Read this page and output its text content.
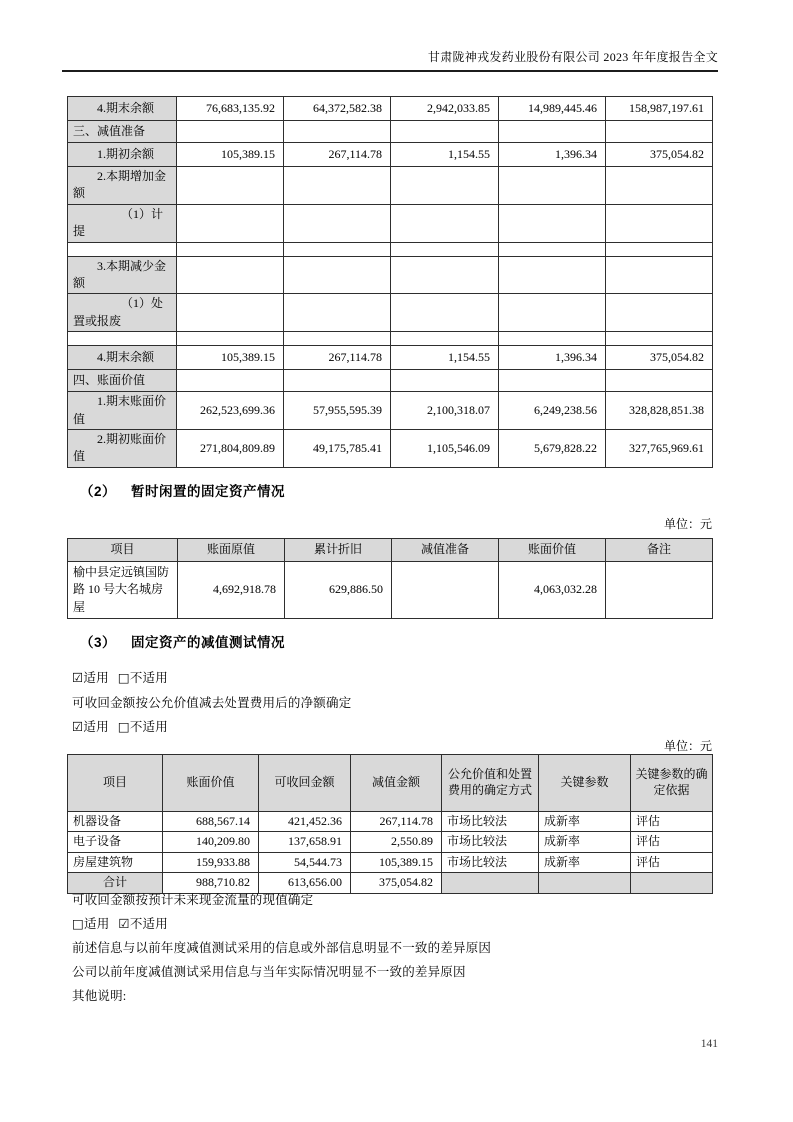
甘肃陇神戎发药业股份有限公司 2023 年年度报告全文
4.期末余额	76,683,135.92	64,372,582.38	2,942,033.85	14,989,445.46	158,987,197.61
三、减值准备					
1.期初余额	105,389.15	267,114.78	1,154.55	1,396.34	375,054.82
2.本期增加金额					
（1）计提					

3.本期减少金额					
（1）处置或报废					

4.期末余额	105,389.15	267,114.78	1,154.55	1,396.34	375,054.82
四、账面价值					
1.期末账面价值	262,523,699.36	57,955,595.39	2,100,318.07	6,249,238.56	328,828,851.38
2.期初账面价值	271,804,809.89	49,175,785.41	1,105,546.09	5,679,828.22	327,765,969.61
（2） 暂时闲置的固定资产情况
单位：元
项目	账面原值	累计折旧	减值准备	账面价值	备注
榆中县定远镇国防路 10 号大名城房屋	4,692,918.78	629,886.50		4,063,032.28	
（3） 固定资产的减值测试情况
☑适用 □不适用
可收回金额按公允价值减去处置费用后的净额确定
☑适用 □不适用
单位：元
项目	账面价值	可收回金额	减值金额	公允价值和处置费用的确定方式	关键参数	关键参数的确定依据
机器设备	688,567.14	421,452.36	267,114.78	市场比较法	成新率	评估
电子设备	140,209.80	137,658.91	2,550.89	市场比较法	成新率	评估
房屋建筑物	159,933.88	54,544.73	105,389.15	市场比较法	成新率	评估
合计	988,710.82	613,656.00	375,054.82			
可收回金额按预计未来现金流量的现值确定
□适用 ☑不适用
前述信息与以前年度减值测试采用的信息或外部信息明显不一致的差异原因
公司以前年度减值测试采用信息与当年实际情况明显不一致的差异原因
其他说明:
141
